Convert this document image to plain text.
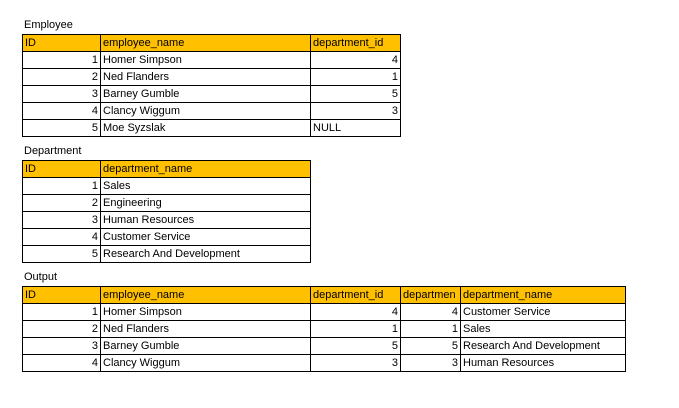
Employee
ID	employee_name	department_id
1	Homer Simpson	4
2	Ned Flanders	1
3	Barney Gumble	5
4	Clancy Wiggum	3
5	Moe Syzslak	NULL
Department
ID	department_name
1	Sales
2	Engineering
3	Human Resources
4	Customer Service
5	Research And Development
Output
ID	employee_name	department_id	departmen	department_name
1	Homer Simpson	4	4	Customer Service
2	Ned Flanders	1	1	Sales
3	Barney Gumble	5	5	Research And Development
4	Clancy Wiggum	3	3	Human Resources
